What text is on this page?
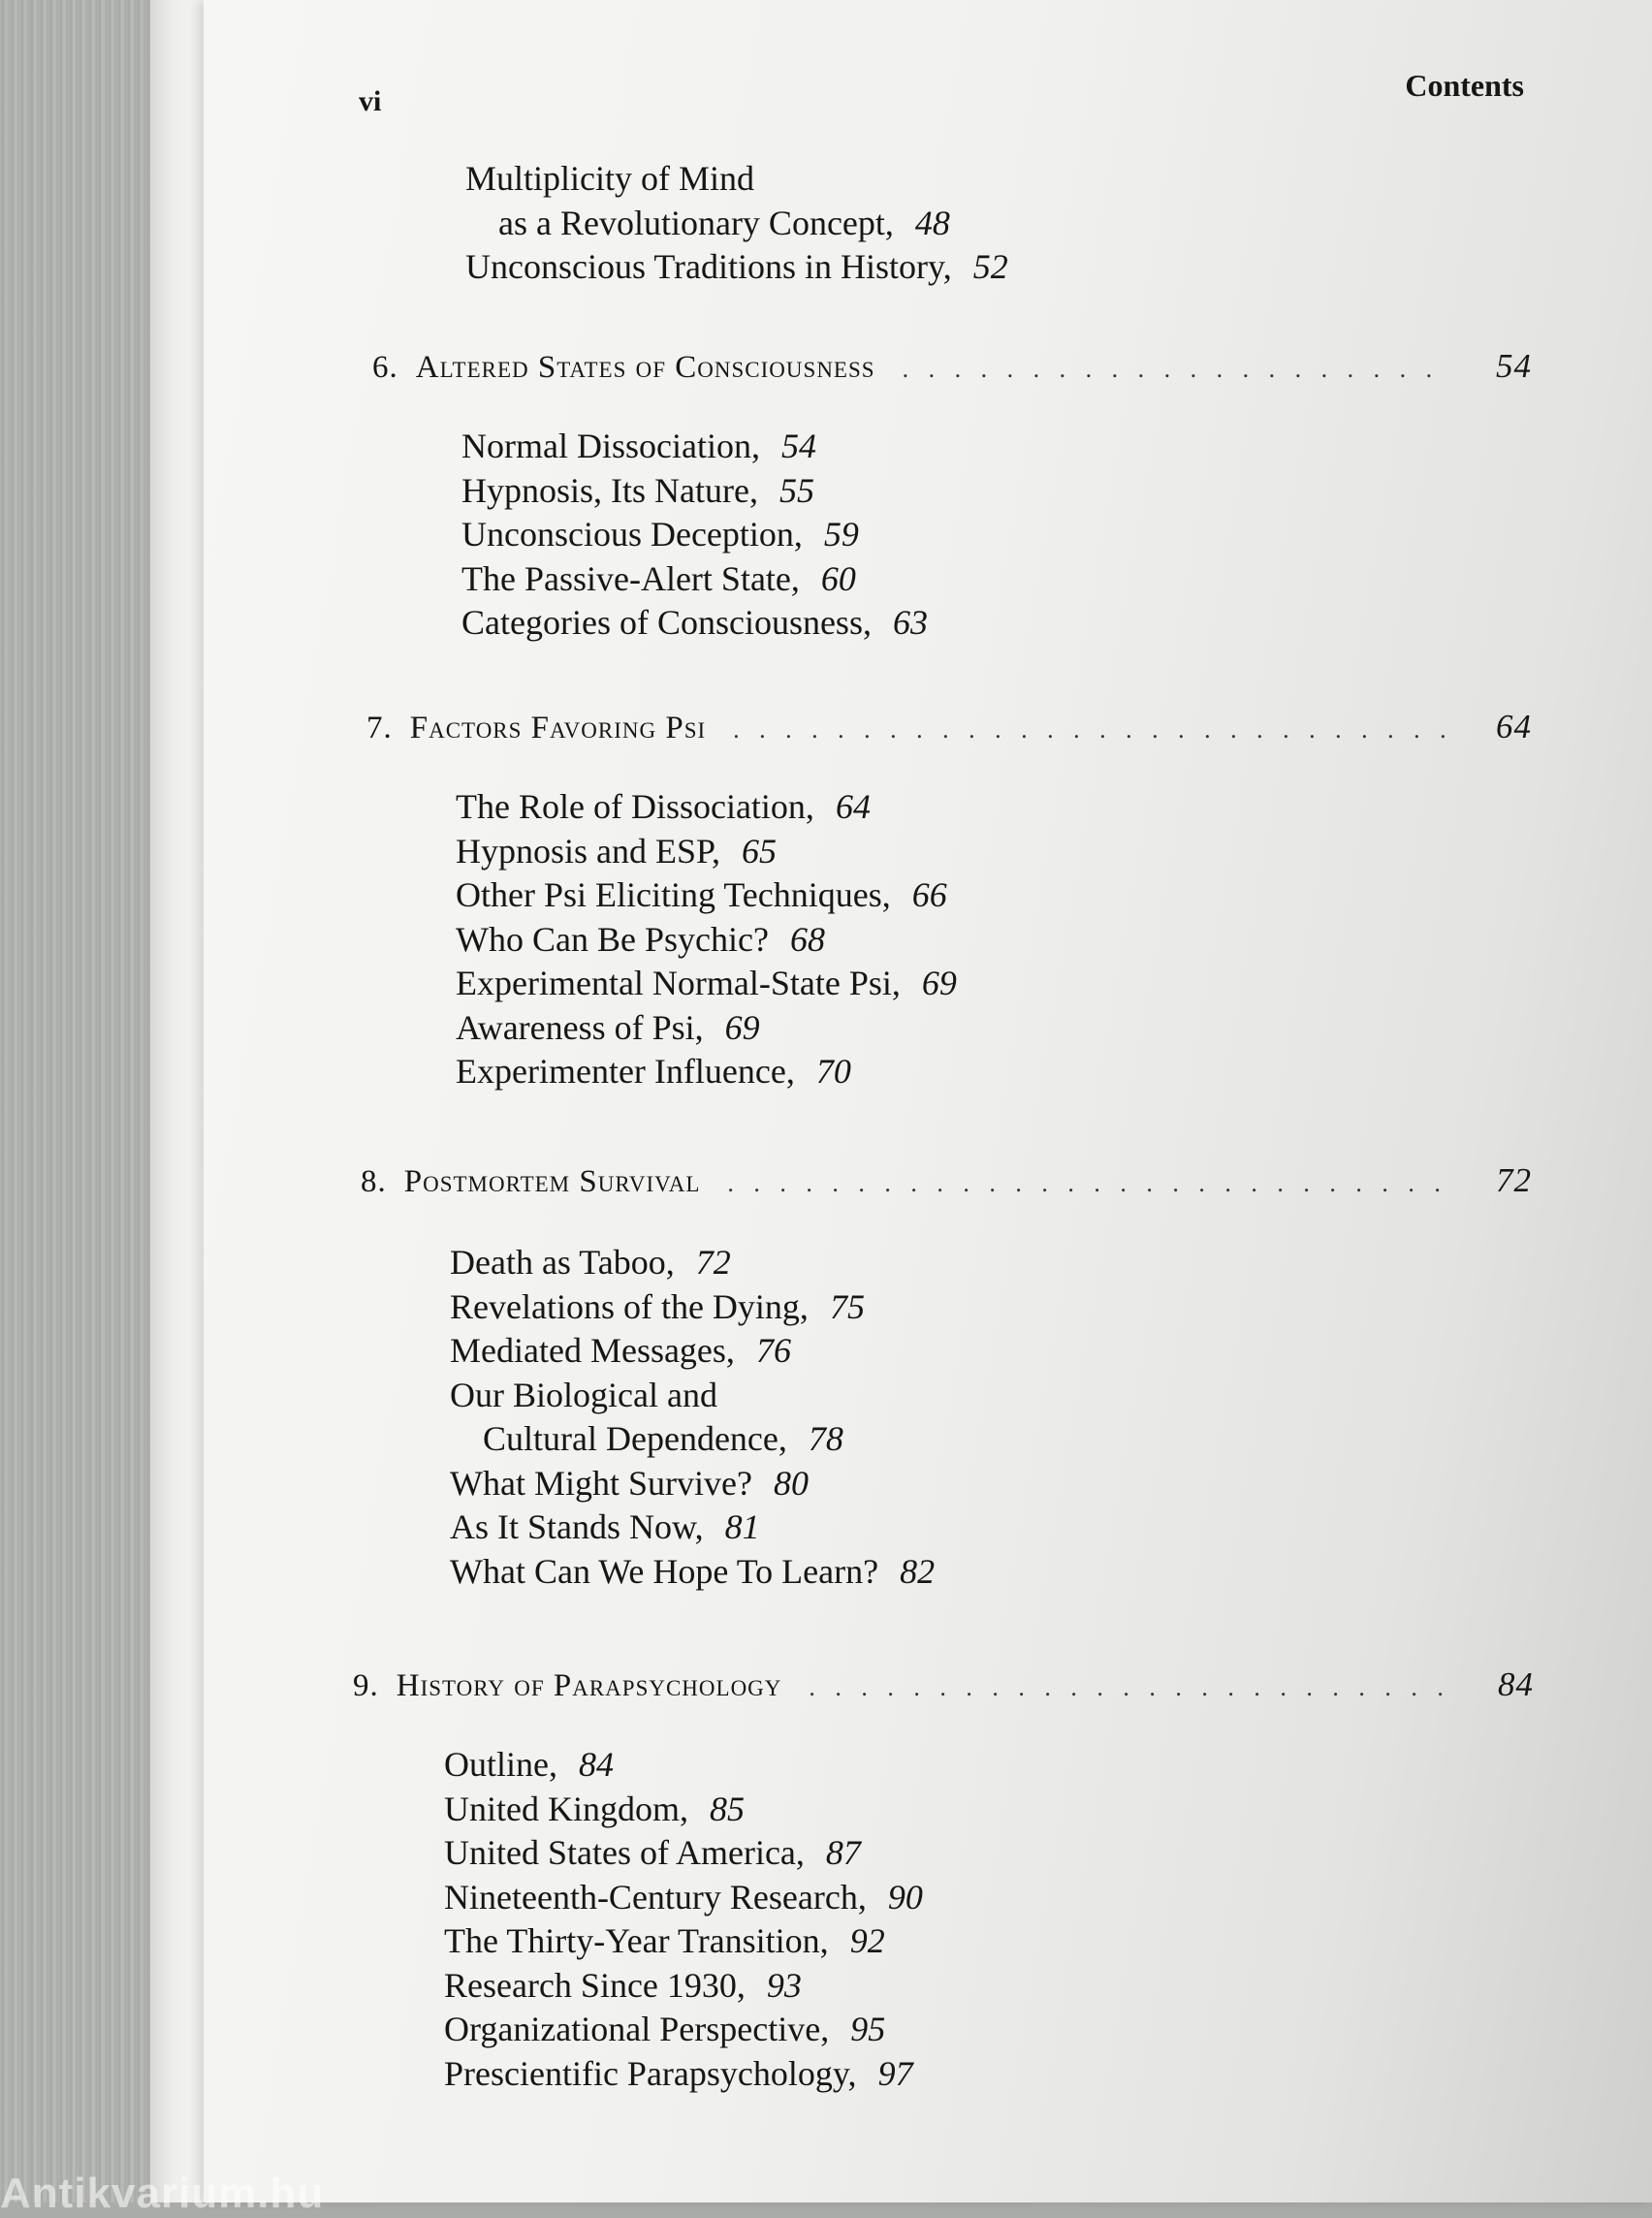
vi	Contents
Multiplicity of Mind
as a Revolutionary Concept, 48
Unconscious Traditions in History, 52
6. Altered States of Consciousness . . .	54
Normal Dissociation, 54
Hypnosis, Its Nature, 55
Unconscious Deception, 59
The Passive-Alert State, 60
Categories of Consciousness, 63
7. Factors Favoring Psi . . .	64
The Role of Dissociation, 64
Hypnosis and ESP, 65
Other Psi Eliciting Techniques, 66
Who Can Be Psychic? 68
Experimental Normal-State Psi, 69
Awareness of Psi, 69
Experimenter Influence, 70
8. Postmortem Survival . . .	72
Death as Taboo, 72
Revelations of the Dying, 75
Mediated Messages, 76
Our Biological and
Cultural Dependence, 78
What Might Survive? 80
As It Stands Now, 81
What Can We Hope To Learn? 82
9. History of Parapsychology . . .	84
Outline, 84
United Kingdom, 85
United States of America, 87
Nineteenth-Century Research, 90
The Thirty-Year Transition, 92
Research Since 1930, 93
Organizational Perspective, 95
Prescientific Parapsychology, 97
Antikvarium.hu
